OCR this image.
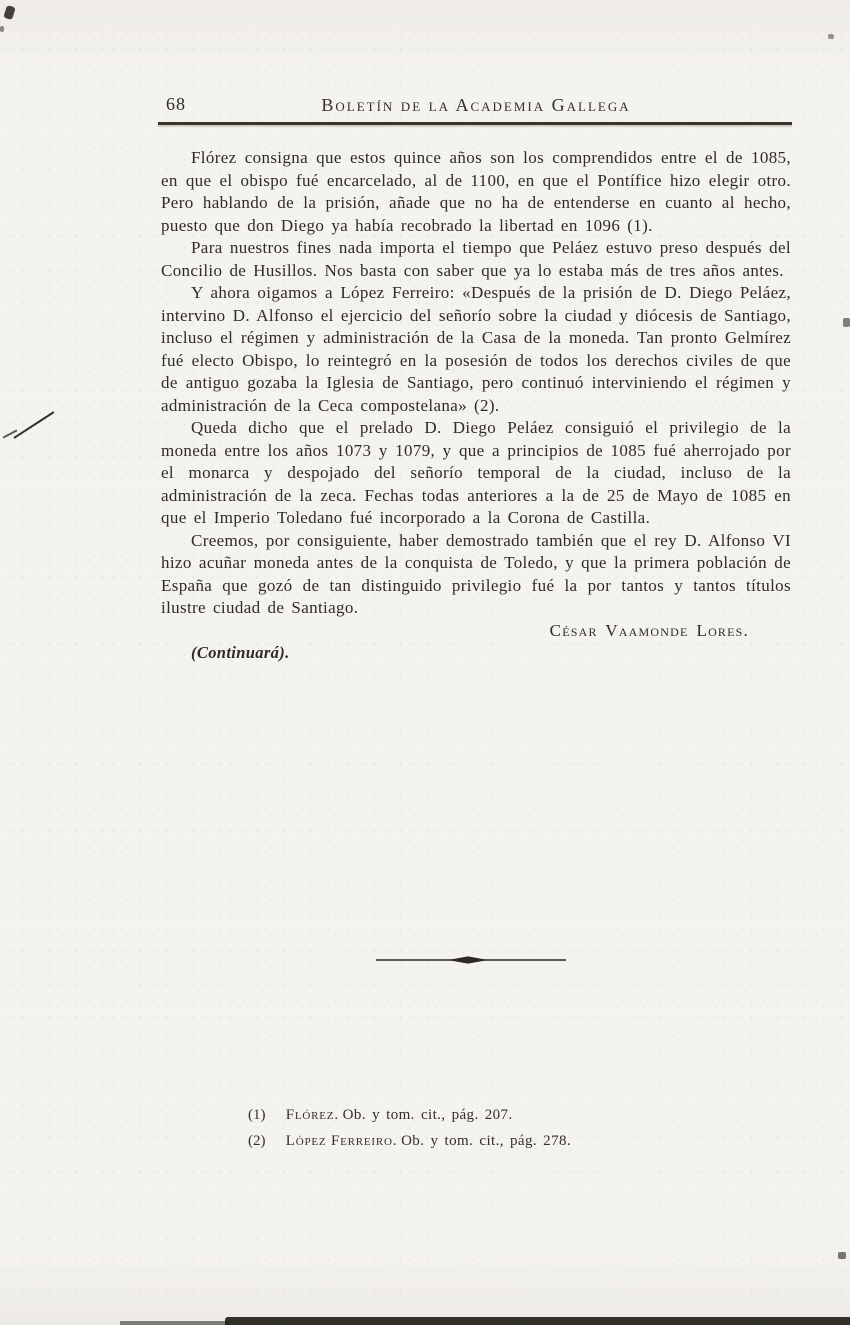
68	Boletín de la Academia Gallega

Flórez consigna que estos quince años son los comprendidos entre el de 1085, en que el obispo fué encarcelado, al de 1100, en que el Pontífice hizo elegir otro. Pero hablando de la prisión, añade que no ha de entenderse en cuanto al hecho, puesto que don Diego ya había recobrado la libertad en 1096 (1).

Para nuestros fines nada importa el tiempo que Peláez estuvo preso después del Concilio de Husillos. Nos basta con saber que ya lo estaba más de tres años antes.

Y ahora oigamos a López Ferreiro: «Después de la prisión de D. Diego Peláez, intervino D. Alfonso el ejercicio del señorío sobre la ciudad y diócesis de Santiago, incluso el régimen y administración de la Casa de la moneda. Tan pronto Gelmírez fué electo Obispo, lo reintegró en la posesión de todos los derechos civiles de que de antiguo gozaba la Iglesia de Santiago, pero continuó interviniendo el régimen y administración de la Ceca compostelana» (2).

Queda dicho que el prelado D. Diego Peláez consiguió el privilegio de la moneda entre los años 1073 y 1079, y que a principios de 1085 fué aherrojado por el monarca y despojado del señorío temporal de la ciudad, incluso de la administración de la zeca. Fechas todas anteriores a la de 25 de Mayo de 1085 en que el Imperio Toledano fué incorporado a la Corona de Castilla.

Creemos, por consiguiente, haber demostrado también que el rey D. Alfonso VI hizo acuñar moneda antes de la conquista de Toledo, y que la primera población de España que gozó de tan distinguido privilegio fué la por tantos y tantos títulos ilustre ciudad de Santiago.

César Vaamonde Lores.

(Continuará).

(1) Flórez. Ob. y tom. cit., pág. 207.
(2) López Ferreiro. Ob. y tom. cit., pág. 278.
